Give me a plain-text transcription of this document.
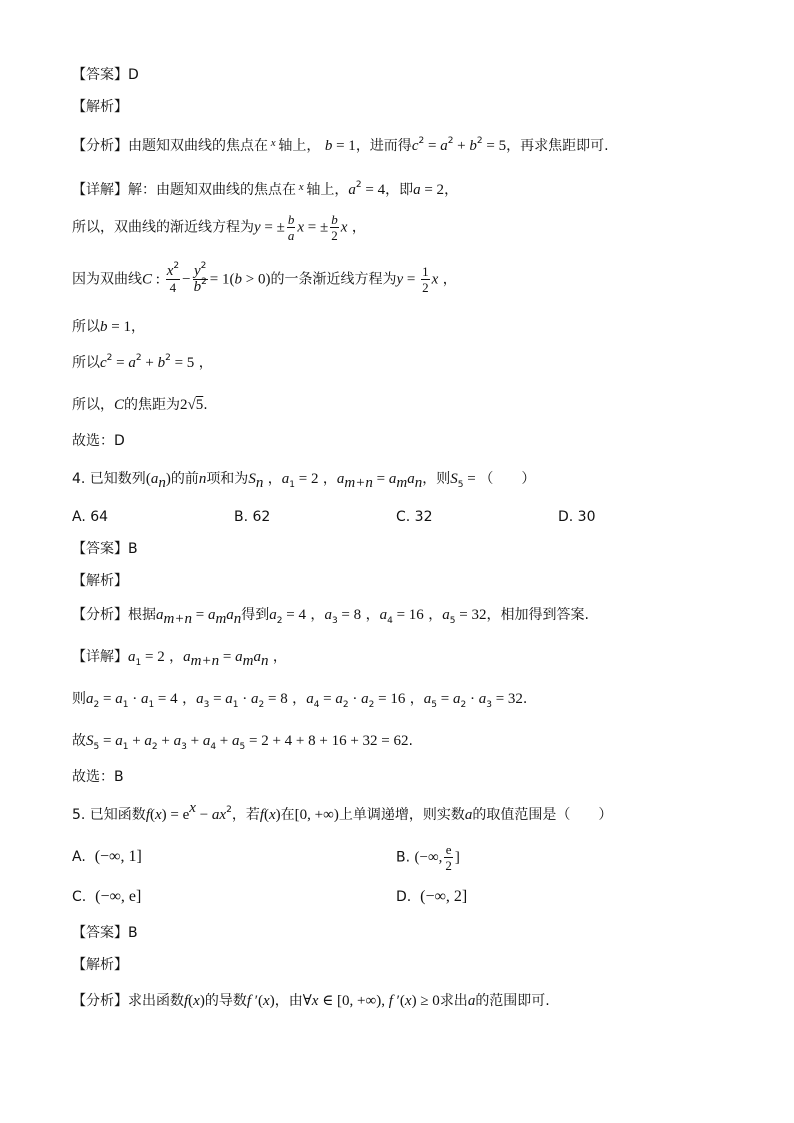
【答案】D
【解析】
【分析】由题知双曲线的焦点在 $^x$ 轴上， b = 1，进而得$c^2 = a^2 + b^2 = 5$，再求焦距即可.
【详解】解：由题知双曲线的焦点在 $^x$ 轴上，$a^2 = 4$，即a = 2，
所以，双曲线的渐近线方程为y = ± $\frac{b}{a}$ x = ± $\frac{b}{2}$ x ，
因为双曲线C : $\frac{x^2}{4} - \frac{y^2}{b^2} = 1(b > 0)$的一条渐近线方程为$y = \frac{1}{2}$ x ，
所以b = 1，
所以$c^2 = a^2 + b^2 = 5$ ，
所以，C的焦距为2√5.
故选：D
4. 已知数列$(a_n)$的前n项和为$S_n$ ，$a_1 = 2$ ，$a_{m+n} = a_ma_n$，则$S_5$ = （　　）
A. 64	B. 62	C. 32	D. 30
【答案】B
【解析】
【分析】根据$a_{m+n} = a_ma_n$得到$a_2 = 4$ ，$a_3 = 8$ ，$a_4 = 16$ ，$a_5 = 32$，相加得到答案.
【详解】$a_1 = 2$ ，$a_{m+n} = a_ma_n$ ，
则$a_2 = a_1 \cdot a_1 = 4$ ，$a_3 = a_1 \cdot a_2 = 8$ ，$a_4 = a_2 \cdot a_2 = 16$ ，$a_5 = a_2 \cdot a_3 = 32$.
故$S_5 = a_1 + a_2 + a_3 + a_4 + a_5 = 2 + 4 + 8 + 16 + 32 = 62$.
故选：B
5. 已知函数$f(x) = e^x - ax^2$，若f(x)在[0, +∞)上单调递增，则实数a的取值范围是（　　）
A. (−∞, 1]	B. (−∞, $\frac{e}{2}$ ]
C. (−∞, e]	D. (−∞, 2]
【答案】B
【解析】
【分析】求出函数f(x)的导数f ′(x)，由∀x ∈ [0, +∞), f ′(x) ≥ 0求出a的范围即可.
